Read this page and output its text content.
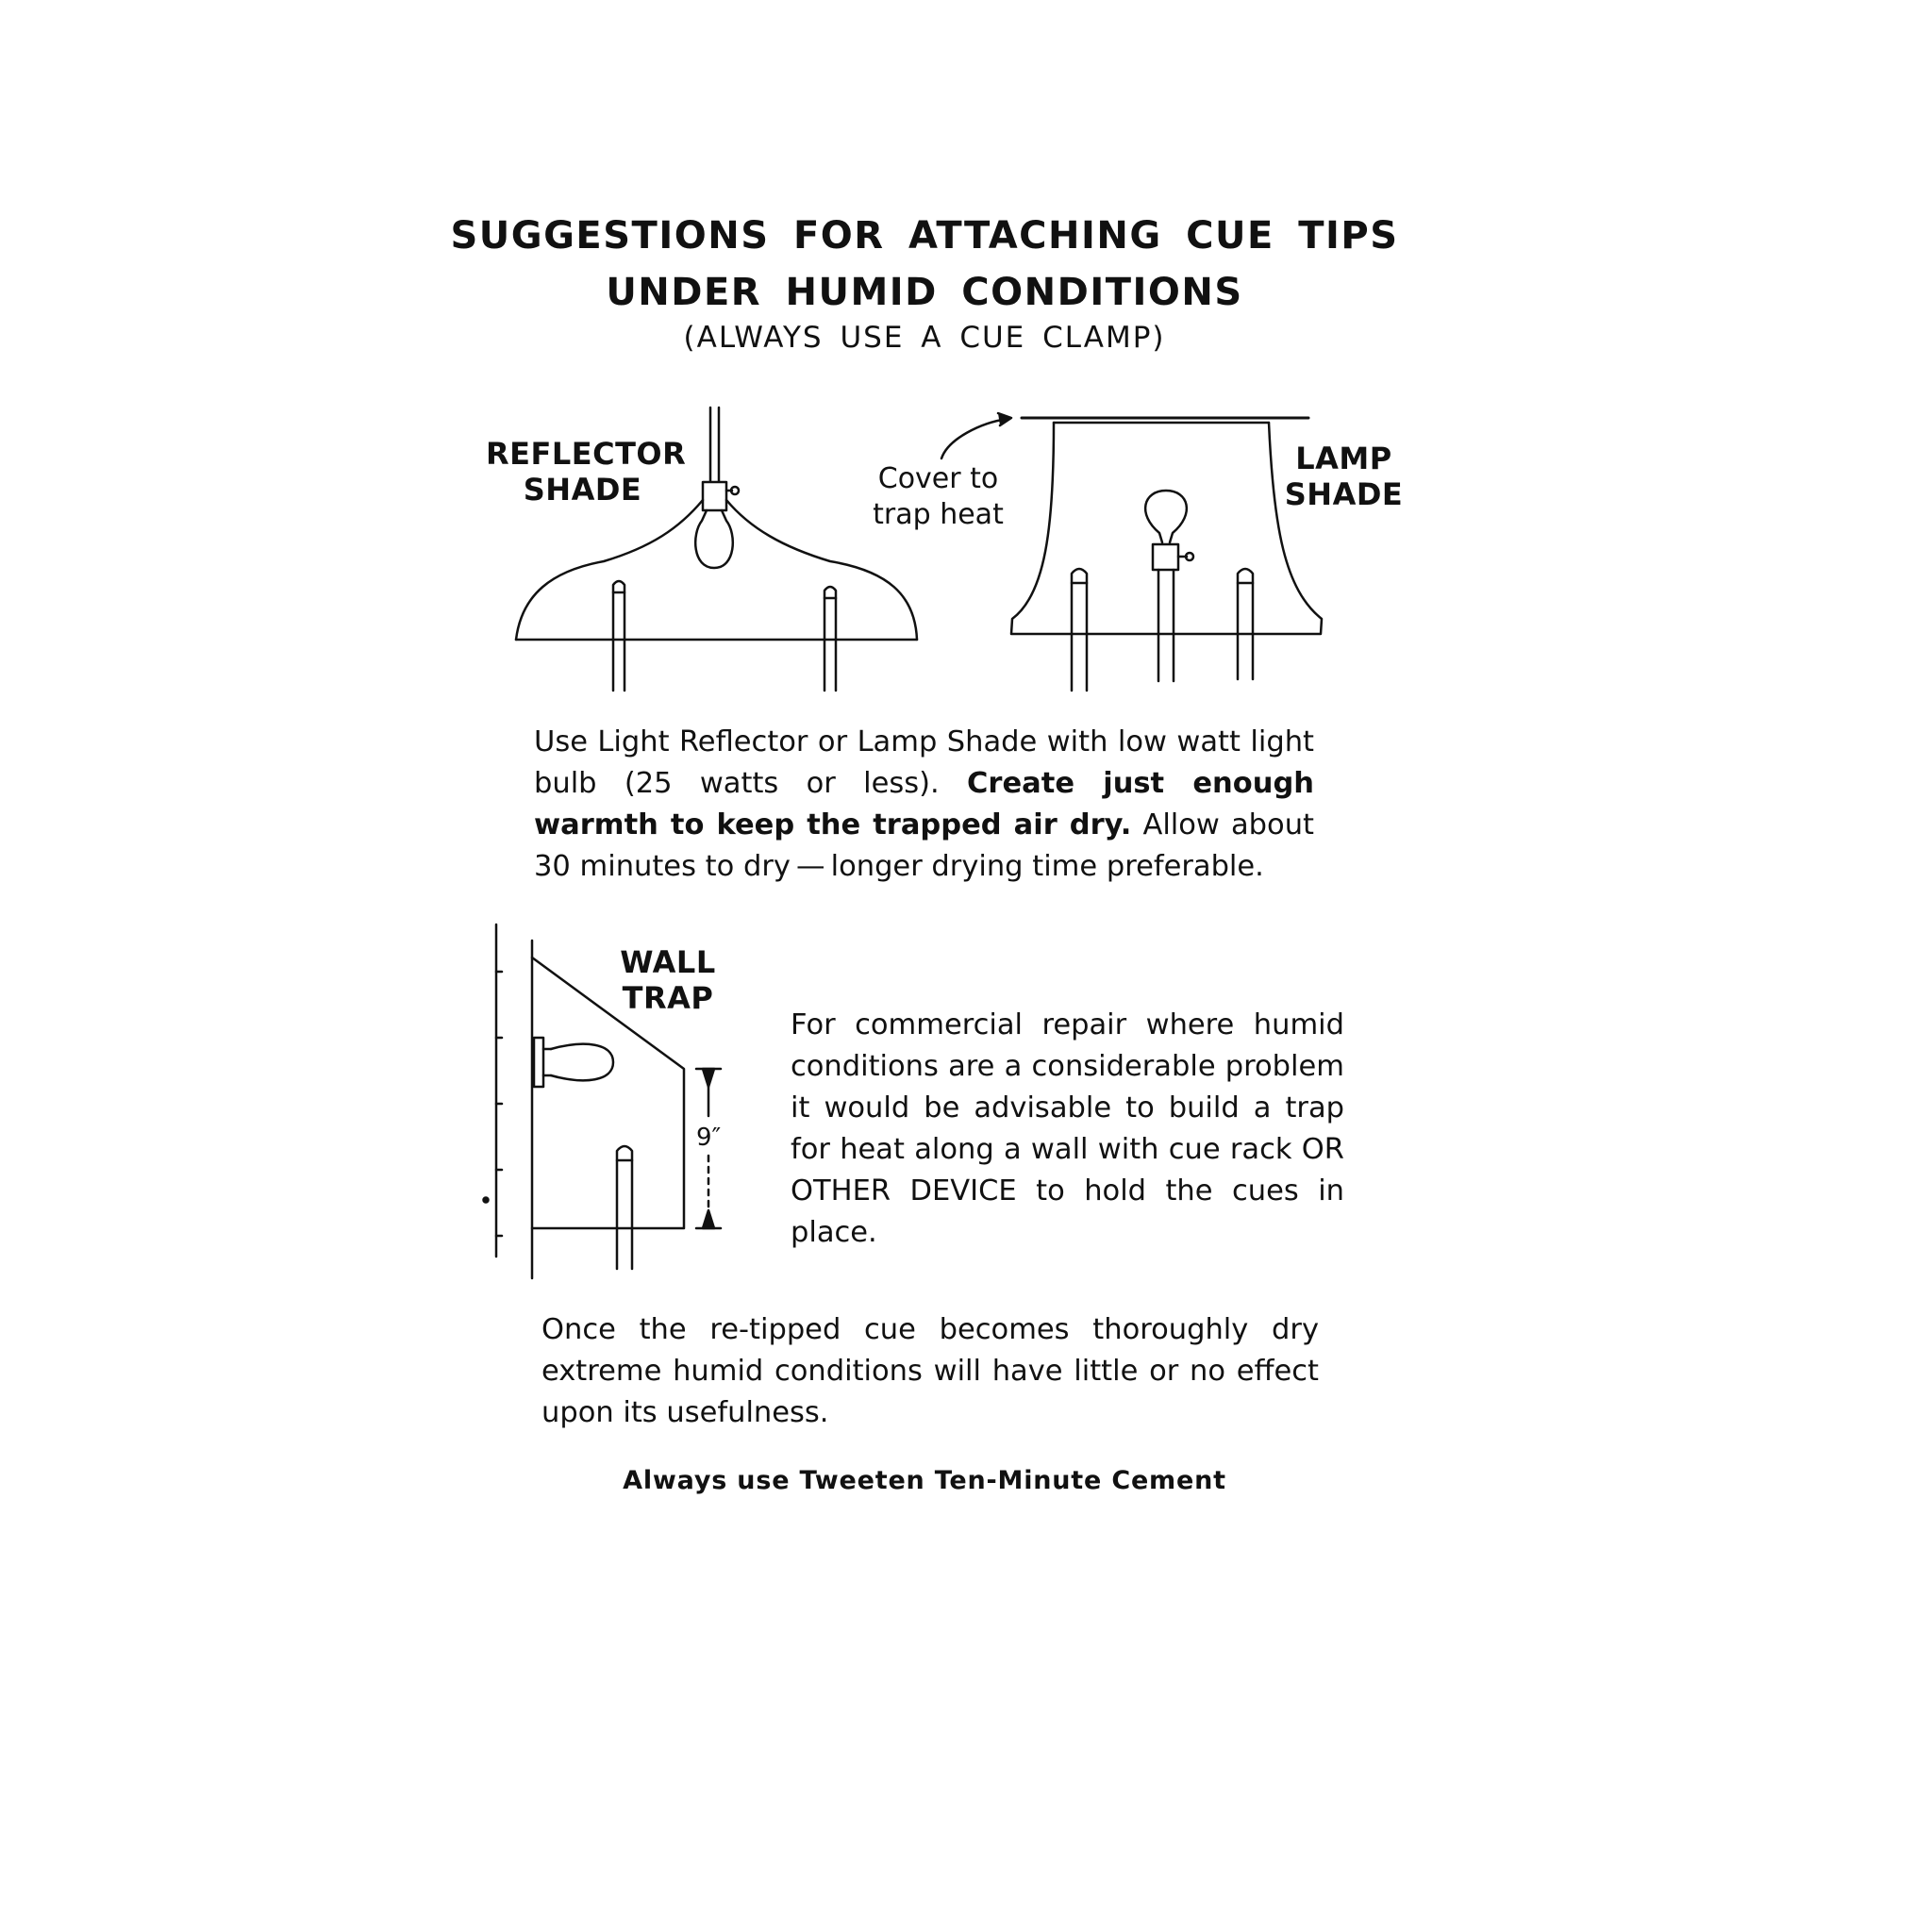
SUGGESTIONS FOR ATTACHING CUE TIPS
UNDER HUMID CONDITIONS

(ALWAYS USE A CUE CLAMP)

REFLECTOR
SHADE	Cover to
trap heat
LAMP
SHADE

Use Light Reflector or Lamp Shade with low watt light bulb (25 watts or less). Create just enough warmth to keep the trapped air dry. Allow about 30 minutes to dry — longer drying time preferable.

WALL
TRAP
9″

For commercial repair where humid conditions are a considerable problem it would be advisable to build a trap for heat along a wall with cue rack OR OTHER DEVICE to hold the cues in place.

Once the re-tipped cue becomes thoroughly dry extreme humid conditions will have little or no effect upon its usefulness.

Always use Tweeten Ten-Minute Cement
